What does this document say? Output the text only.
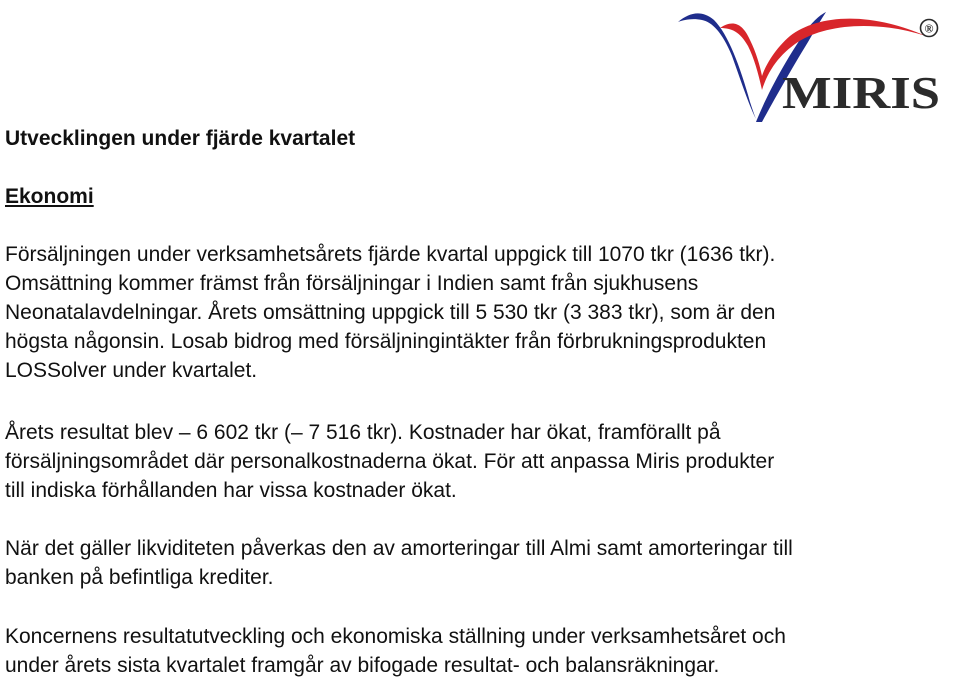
®
MIRIS
Utvecklingen under fjärde kvartalet
Ekonomi

Försäljningen under verksamhetsårets fjärde kvartal uppgick till 1070 tkr (1636 tkr).
Omsättning kommer främst från försäljningar i Indien samt från sjukhusens
Neonatalavdelningar. Årets omsättning uppgick till 5 530 tkr (3 383 tkr), som är den
högsta någonsin. Losab bidrog med försäljningintäkter från förbrukningsprodukten
LOSSolver under kvartalet.

Årets resultat blev – 6 602 tkr (– 7 516 tkr). Kostnader har ökat, framförallt på
försäljningsområdet där personalkostnaderna ökat. För att anpassa Miris produkter
till indiska förhållanden har vissa kostnader ökat.

När det gäller likviditeten påverkas den av amorteringar till Almi samt amorteringar till
banken på befintliga krediter.

Koncernens resultatutveckling och ekonomiska ställning under verksamhetsåret och
under årets sista kvartalet framgår av bifogade resultat- och balansräkningar.
